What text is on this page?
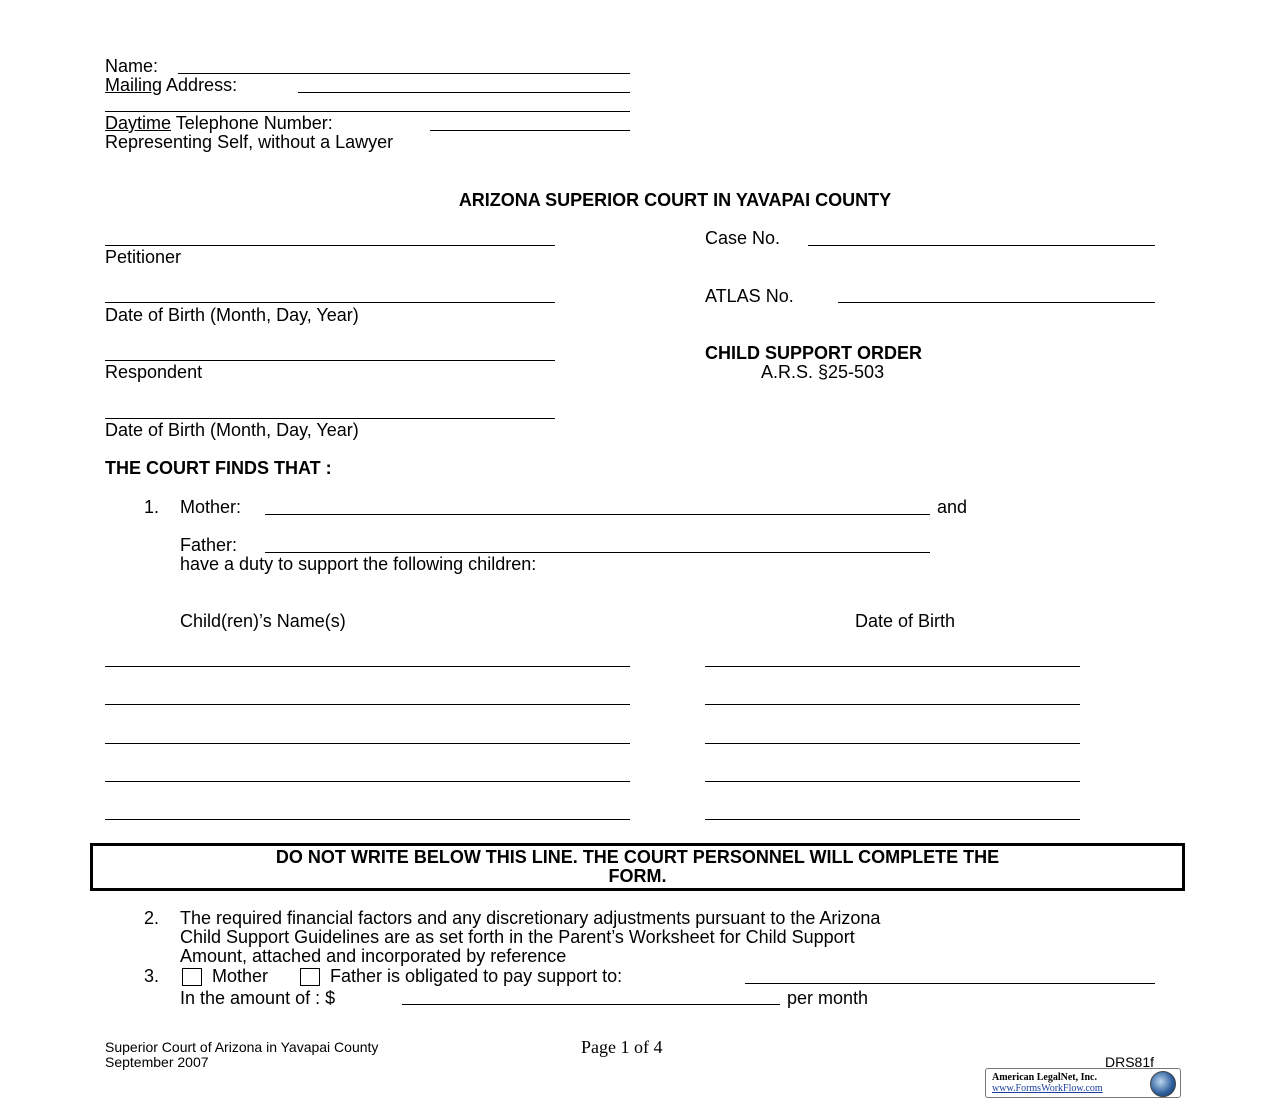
Name:
Mailing Address:
Daytime Telephone Number:
Representing Self, without a Lawyer
ARIZONA SUPERIOR COURT IN YAVAPAI COUNTY
Petitioner
Date of Birth (Month, Day, Year)
Respondent
Date of Birth (Month, Day, Year)
Case No.
ATLAS No.
CHILD SUPPORT ORDER
A.R.S. §25-503
THE COURT FINDS THAT :
1. Mother:	and
Father:
have a duty to support the following children:
Child(ren)’s Name(s)	Date of Birth
DO NOT WRITE BELOW THIS LINE. THE COURT PERSONNEL WILL COMPLETE THE
FORM.
2. The required financial factors and any discretionary adjustments pursuant to the Arizona
Child Support Guidelines are as set forth in the Parent’s Worksheet for Child Support
Amount, attached and incorporated by reference
3.	Mother	Father is obligated to pay support to:
In the amount of : $	per month
Superior Court of Arizona in Yavapai County
September 2007
Page 1 of 4
DRS81f
American LegalNet, Inc.
www.FormsWorkFlow.com
